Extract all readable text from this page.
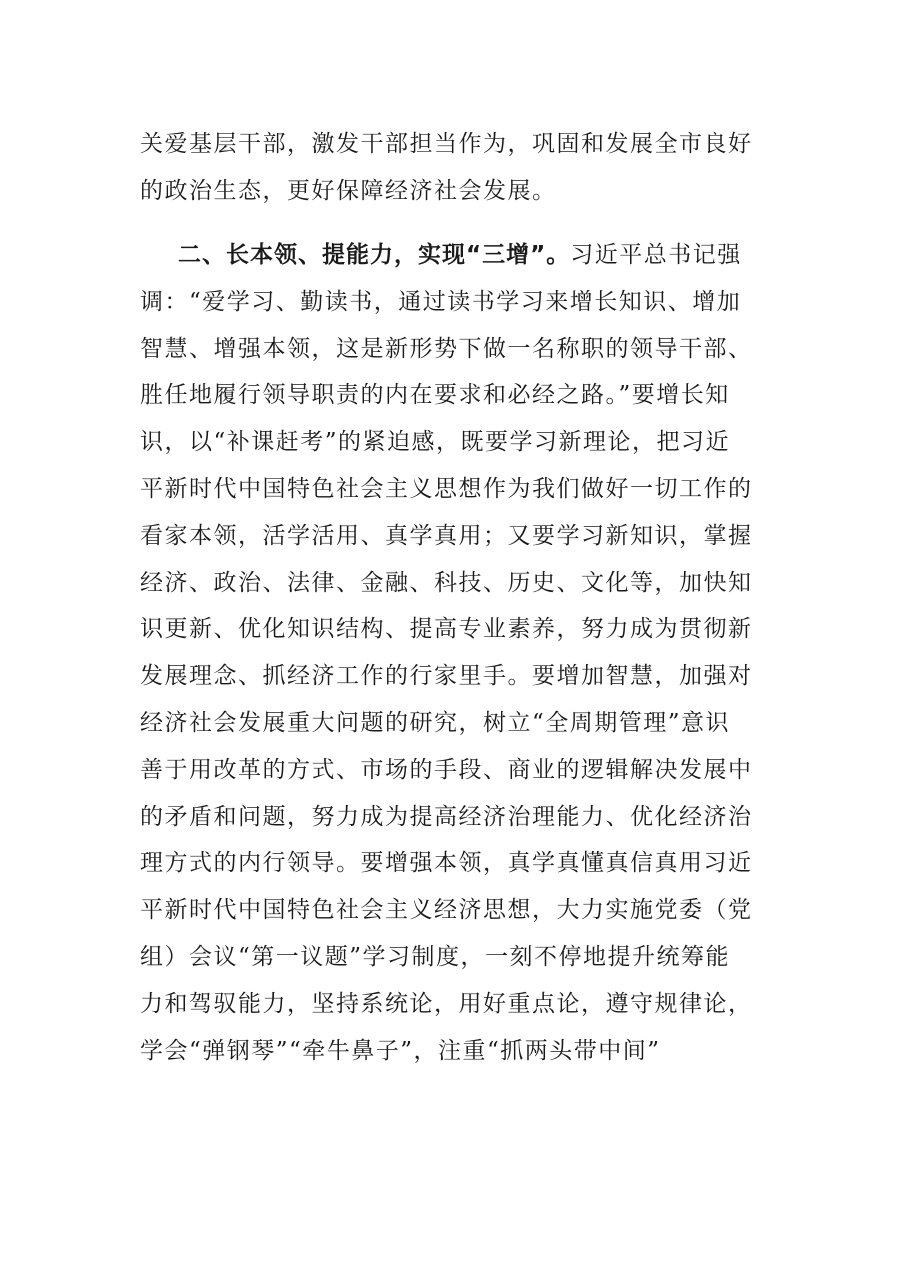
关爱基层干部，激发干部担当作为，巩固和发展全市良好
的政治生态，更好保障经济社会发展。
二、长本领、提能力，实现“三增”。习近平总书记强
调：“爱学习、勤读书，通过读书学习来增长知识、增加
智慧、增强本领，这是新形势下做一名称职的领导干部、
胜任地履行领导职责的内在要求和必经之路。”要增长知
识，以“补课赶考”的紧迫感，既要学习新理论，把习近
平新时代中国特色社会主义思想作为我们做好一切工作的
看家本领，活学活用、真学真用；又要学习新知识，掌握
经济、政治、法律、金融、科技、历史、文化等，加快知
识更新、优化知识结构、提高专业素养，努力成为贯彻新
发展理念、抓经济工作的行家里手。要增加智慧，加强对
经济社会发展重大问题的研究，树立“全周期管理”意识
善于用改革的方式、市场的手段、商业的逻辑解决发展中
的矛盾和问题，努力成为提高经济治理能力、优化经济治
理方式的内行领导。要增强本领，真学真懂真信真用习近
平新时代中国特色社会主义经济思想，大力实施党委（党
组）会议“第一议题”学习制度，一刻不停地提升统筹能
力和驾驭能力，坚持系统论，用好重点论，遵守规律论，
学会“弹钢琴”“牵牛鼻子”，注重“抓两头带中间”
